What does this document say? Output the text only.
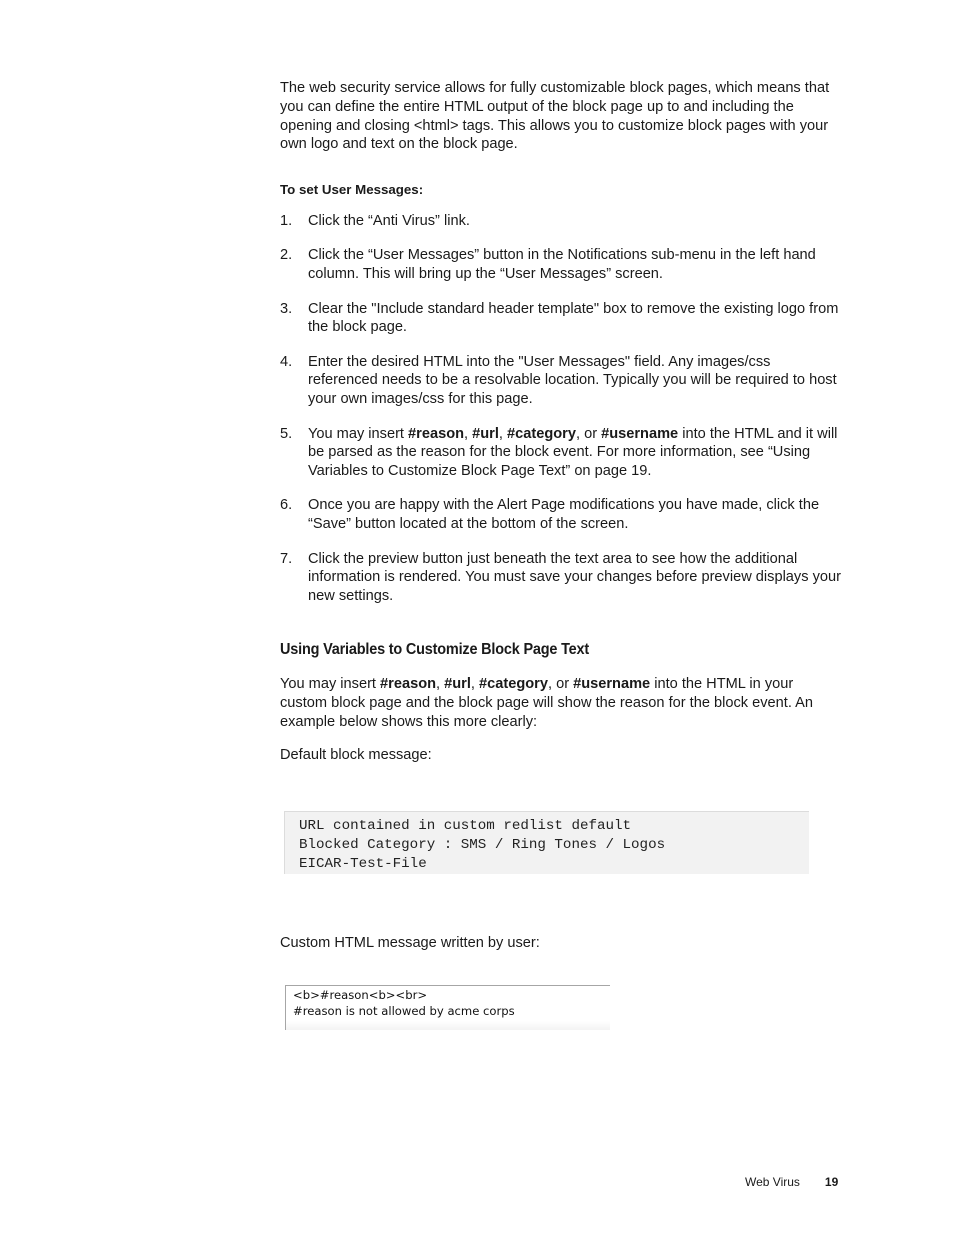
The web security service allows for fully customizable block pages, which means that you can define the entire HTML output of the block page up to and including the opening and closing <html> tags. This allows you to customize block pages with your own logo and text on the block page.

To set User Messages:
1.	Click the “Anti Virus” link.
2.	Click the “User Messages” button in the Notifications sub-menu in the left hand column. This will bring up the “User Messages” screen.
3.	Clear the "Include standard header template" box to remove the existing logo from the block page.
4.	Enter the desired HTML into the "User Messages" field. Any images/css referenced needs to be a resolvable location. Typically you will be required to host your own images/css for this page.
5.	You may insert #reason, #url, #category, or #username into the HTML and it will be parsed as the reason for the block event. For more information, see “Using Variables to Customize Block Page Text” on page 19.
6.	Once you are happy with the Alert Page modifications you have made, click the “Save” button located at the bottom of the screen.
7.	Click the preview button just beneath the text area to see how the additional information is rendered. You must save your changes before preview displays your new settings.
Using Variables to Customize Block Page Text

You may insert #reason, #url, #category, or #username into the HTML in your custom block page and the block page will show the reason for the block event. An example below shows this more clearly:

Default block message:

URL contained in custom redlist default
Blocked Category : SMS / Ring Tones / Logos
EICAR-Test-File
Custom HTML message written by user:
<b>#reason<b><br>
#reason is not allowed by acme corps
Web Virus 19
